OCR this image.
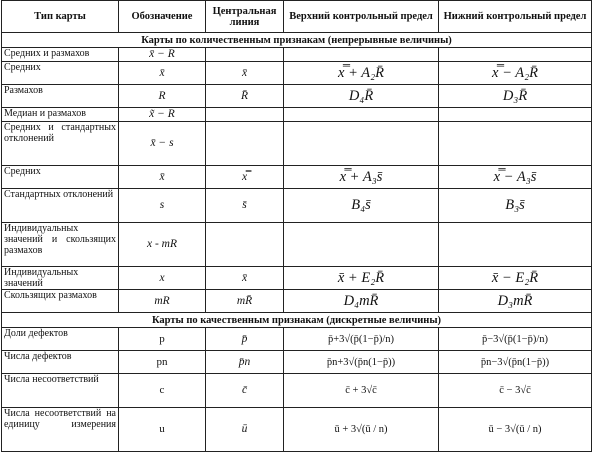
Тип карты	Обозначение	Центральная линия	Верхний контрольный предел	Нижний контрольный предел
Карты по количественным признакам (непрерывные величины)				
Средних и размахов	x̄ − R			
Средних	x̄	x̄	x̿ + A₂R̄	x̿ − A₂R̄
Размахов	R	R̄	D₄R̄	D₃R̄
Медиан и размахов	x̃ − R			
Средних и стандартных отклонений	x̄ − s			
Средних	x̄	x̿	x̿ + A₃s̄	x̿ − A₃s̄
Стандартных отклонений	s	s̄	B₄s̄	B₃s̄
Индивидуальных значений и скользящих размахов	x - mR			
Индивидуальных значений	x	x̄	x̄ + E₂R̄	x̄ − E₂R̄
Скользящих размахов	mR	mR̄	D₄mR̄	D₃mR̄
Карты по качественным признакам (дискретные величины)				
Доли дефектов	p	p̄	p̄+3√(p̄(1−p̄)/n)	p̄−3√(p̄(1−p̄)/n)
Числа дефектов	pn	p̄n	p̄n+3√(p̄n(1−p̄))	p̄n−3√(p̄n(1−p̄))
Числа несоответствий	c	c̄	c̄ + 3√c̄	c̄ − 3√c̄
Числа несоответствий на единицу измерения	u	ū	ū + 3√(ū / n)	ū − 3√(ū / n)
